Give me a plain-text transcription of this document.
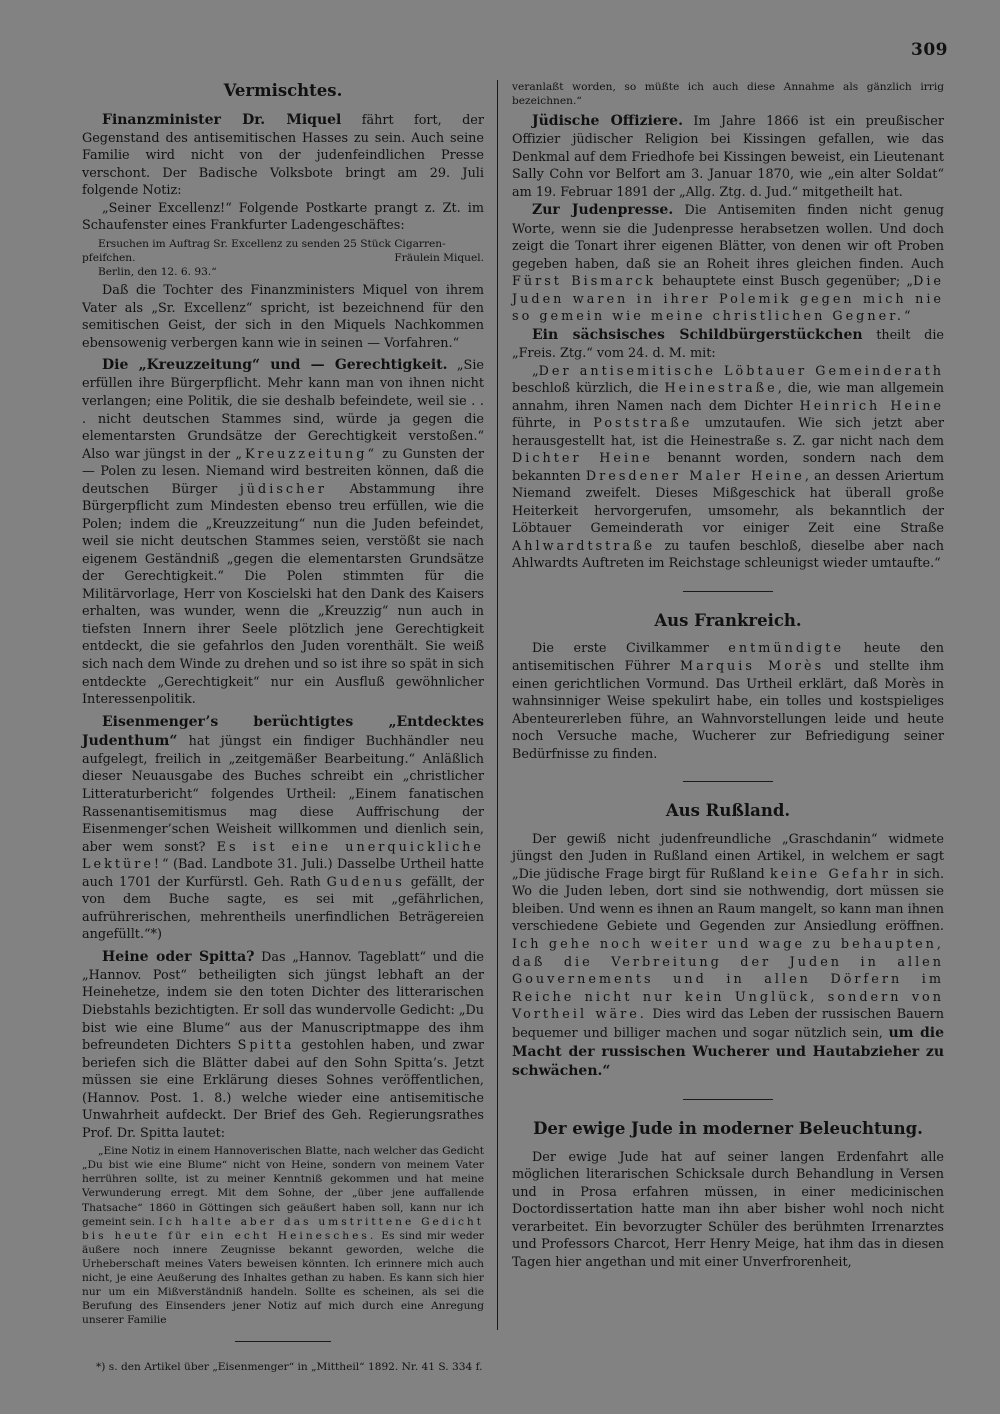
309
Vermischtes.

Finanzminister Dr. Miquel fährt fort, der Gegenstand des antisemitischen Hasses zu sein. Auch seine Familie wird nicht von der judenfeindlichen Presse verschont. Der Badische Volksbote bringt am 29. Juli folgende Notiz:

„Seiner Excellenz!“ Folgende Postkarte prangt z. Zt. im Schaufenster eines Frankfurter Ladengeschäftes:

Ersuchen im Auftrag Sr. Excellenz zu senden 25 Stück Cigarren-

pfeifchen.	Fräulein Miquel.

Berlin, den 12. 6. 93.“

Daß die Tochter des Finanzministers Miquel von ihrem Vater als „Sr. Excellenz“ spricht, ist bezeichnend für den semitischen Geist, der sich in den Miquels Nachkommen ebensowenig verbergen kann wie in seinen — Vorfahren.“

Die „Kreuzzeitung“ und — Gerechtigkeit. „Sie erfüllen ihre Bürgerpflicht. Mehr kann man von ihnen nicht verlangen; eine Politik, die sie deshalb befeindete, weil sie . . . nicht deutschen Stammes sind, würde ja gegen die elementarsten Grundsätze der Gerechtigkeit verstoßen.“ Also war jüngst in der „Kreuzzeitung“ zu Gunsten der — Polen zu lesen. Niemand wird bestreiten können, daß die deutschen Bürger jüdischer Abstammung ihre Bürgerpflicht zum Mindesten ebenso treu erfüllen, wie die Polen; indem die „Kreuzzeitung“ nun die Juden befeindet, weil sie nicht deutschen Stammes seien, verstößt sie nach eigenem Geständniß „gegen die elementarsten Grundsätze der Gerechtigkeit.“ Die Polen stimmten für die Militärvorlage, Herr von Koscielski hat den Dank des Kaisers erhalten, was wunder, wenn die „Kreuzzig“ nun auch in tiefsten Innern ihrer Seele plötzlich jene Gerechtigkeit entdeckt, die sie gefahrlos den Juden vorenthält. Sie weiß sich nach dem Winde zu drehen und so ist ihre so spät in sich entdeckte „Gerechtigkeit“ nur ein Ausfluß gewöhnlicher Interessenpolitik.

Eisenmenger’s berüchtigtes „Entdecktes Judenthum“ hat jüngst ein findiger Buchhändler neu aufgelegt, freilich in „zeitgemäßer Bearbeitung.“ Anläßlich dieser Neuausgabe des Buches schreibt ein „christlicher Litteraturbericht“ folgendes Urtheil: „Einem fanatischen Rassenantisemitismus mag diese Auffrischung der Eisenmenger’schen Weisheit willkommen und dienlich sein, aber wem sonst? Es ist eine unerquickliche Lektüre!“ (Bad. Landbote 31. Juli.) Dasselbe Urtheil hatte auch 1701 der Kurfürstl. Geh. Rath Gudenus gefällt, der von dem Buche sagte, es sei mit „gefährlichen, aufrührerischen, mehrentheils unerfindlichen Beträgereien angefüllt.“*)

Heine oder Spitta? Das „Hannov. Tageblatt“ und die „Hannov. Post“ betheiligten sich jüngst lebhaft an der Heinehetze, indem sie den toten Dichter des litterarischen Diebstahls bezichtigten. Er soll das wundervolle Gedicht: „Du bist wie eine Blume“ aus der Manuscriptmappe des ihm befreundeten Dichters Spitta gestohlen haben, und zwar beriefen sich die Blätter dabei auf den Sohn Spitta’s. Jetzt müssen sie eine Erklärung dieses Sohnes veröffentlichen, (Hannov. Post. 1. 8.) welche wieder eine antisemitische Unwahrheit aufdeckt. Der Brief des Geh. Regierungsrathes Prof. Dr. Spitta lautet:

„Eine Notiz in einem Hannoverischen Blatte, nach welcher das Gedicht „Du bist wie eine Blume“ nicht von Heine, sondern von meinem Vater herrühren sollte, ist zu meiner Kenntniß gekommen und hat meine Verwunderung erregt. Mit dem Sohne, der „über jene auffallende Thatsache“ 1860 in Göttingen sich geäußert haben soll, kann nur ich gemeint sein. Ich halte aber das umstrittene Gedicht bis heute für ein echt Heinesches. Es sind mir weder äußere noch innere Zeugnisse bekannt geworden, welche die Urheberschaft meines Vaters beweisen könnten. Ich erinnere mich auch nicht, je eine Aeußerung des Inhaltes gethan zu haben. Es kann sich hier nur um ein Mißverständniß handeln. Sollte es scheinen, als sei die Berufung des Einsenders jener Notiz auf mich durch eine Anregung unserer Familie

*) s. den Artikel über „Eisenmenger“ in „Mittheil“ 1892. Nr. 41 S. 334 f.

veranlaßt worden, so müßte ich auch diese Annahme als gänzlich irrig bezeichnen.“

Jüdische Offiziere. Im Jahre 1866 ist ein preußischer Offizier jüdischer Religion bei Kissingen gefallen, wie das Denkmal auf dem Friedhofe bei Kissingen beweist, ein Lieutenant Sally Cohn vor Belfort am 3. Januar 1870, wie „ein alter Soldat“ am 19. Februar 1891 der „Allg. Ztg. d. Jud.“ mitgetheilt hat.

Zur Judenpresse. Die Antisemiten finden nicht genug Worte, wenn sie die Judenpresse herabsetzen wollen. Und doch zeigt die Tonart ihrer eigenen Blätter, von denen wir oft Proben gegeben haben, daß sie an Roheit ihres gleichen finden. Auch Fürst Bismarck behauptete einst Busch gegenüber; „Die Juden waren in ihrer Polemik gegen mich nie so gemein wie meine christlichen Gegner.“

Ein sächsisches Schildbürgerstückchen theilt die „Freis. Ztg.“ vom 24. d. M. mit:

„Der antisemitische Löbtauer Gemeinderath beschloß kürzlich, die Heinestraße, die, wie man allgemein annahm, ihren Namen nach dem Dichter Heinrich Heine führte, in Poststraße umzutaufen. Wie sich jetzt aber herausgestellt hat, ist die Heinestraße s. Z. gar nicht nach dem Dichter Heine benannt worden, sondern nach dem bekannten Dresdener Maler Heine, an dessen Ariertum Niemand zweifelt. Dieses Mißgeschick hat überall große Heiterkeit hervorgerufen, umsomehr, als bekanntlich der Löbtauer Gemeinderath vor einiger Zeit eine Straße Ahlwardtstraße zu taufen beschloß, dieselbe aber nach Ahlwardts Auftreten im Reichstage schleunigst wieder umtaufte.“

Aus Frankreich.

Die erste Civilkammer entmündigte heute den antisemitischen Führer Marquis Morès und stellte ihm einen gerichtlichen Vormund. Das Urtheil erklärt, daß Morès in wahnsinniger Weise spekulirt habe, ein tolles und kostspieliges Abenteurerleben führe, an Wahnvorstellungen leide und heute noch Versuche mache, Wucherer zur Befriedigung seiner Bedürfnisse zu finden.

Aus Rußland.

Der gewiß nicht judenfreundliche „Graschdanin“ widmete jüngst den Juden in Rußland einen Artikel, in welchem er sagt „Die jüdische Frage birgt für Rußland keine Gefahr in sich. Wo die Juden leben, dort sind sie nothwendig, dort müssen sie bleiben. Und wenn es ihnen an Raum mangelt, so kann man ihnen verschiedene Gebiete und Gegenden zur Ansiedlung eröffnen. Ich gehe noch weiter und wage zu behaupten, daß die Verbreitung der Juden in allen Gouvernements und in allen Dörfern im Reiche nicht nur kein Unglück, sondern von Vortheil wäre. Dies wird das Leben der russischen Bauern bequemer und billiger machen und sogar nützlich sein, um die Macht der russischen Wucherer und Hautabzieher zu schwächen.“

Der ewige Jude in moderner Beleuchtung.

Der ewige Jude hat auf seiner langen Erdenfahrt alle möglichen literarischen Schicksale durch Behandlung in Versen und in Prosa erfahren müssen, in einer medicinischen Doctordissertation hatte man ihn aber bisher wohl noch nicht verarbeitet. Ein bevorzugter Schüler des berühmten Irrenarztes und Professors Charcot, Herr Henry Meige, hat ihm das in diesen Tagen hier angethan und mit einer Unverfrorenheit,
